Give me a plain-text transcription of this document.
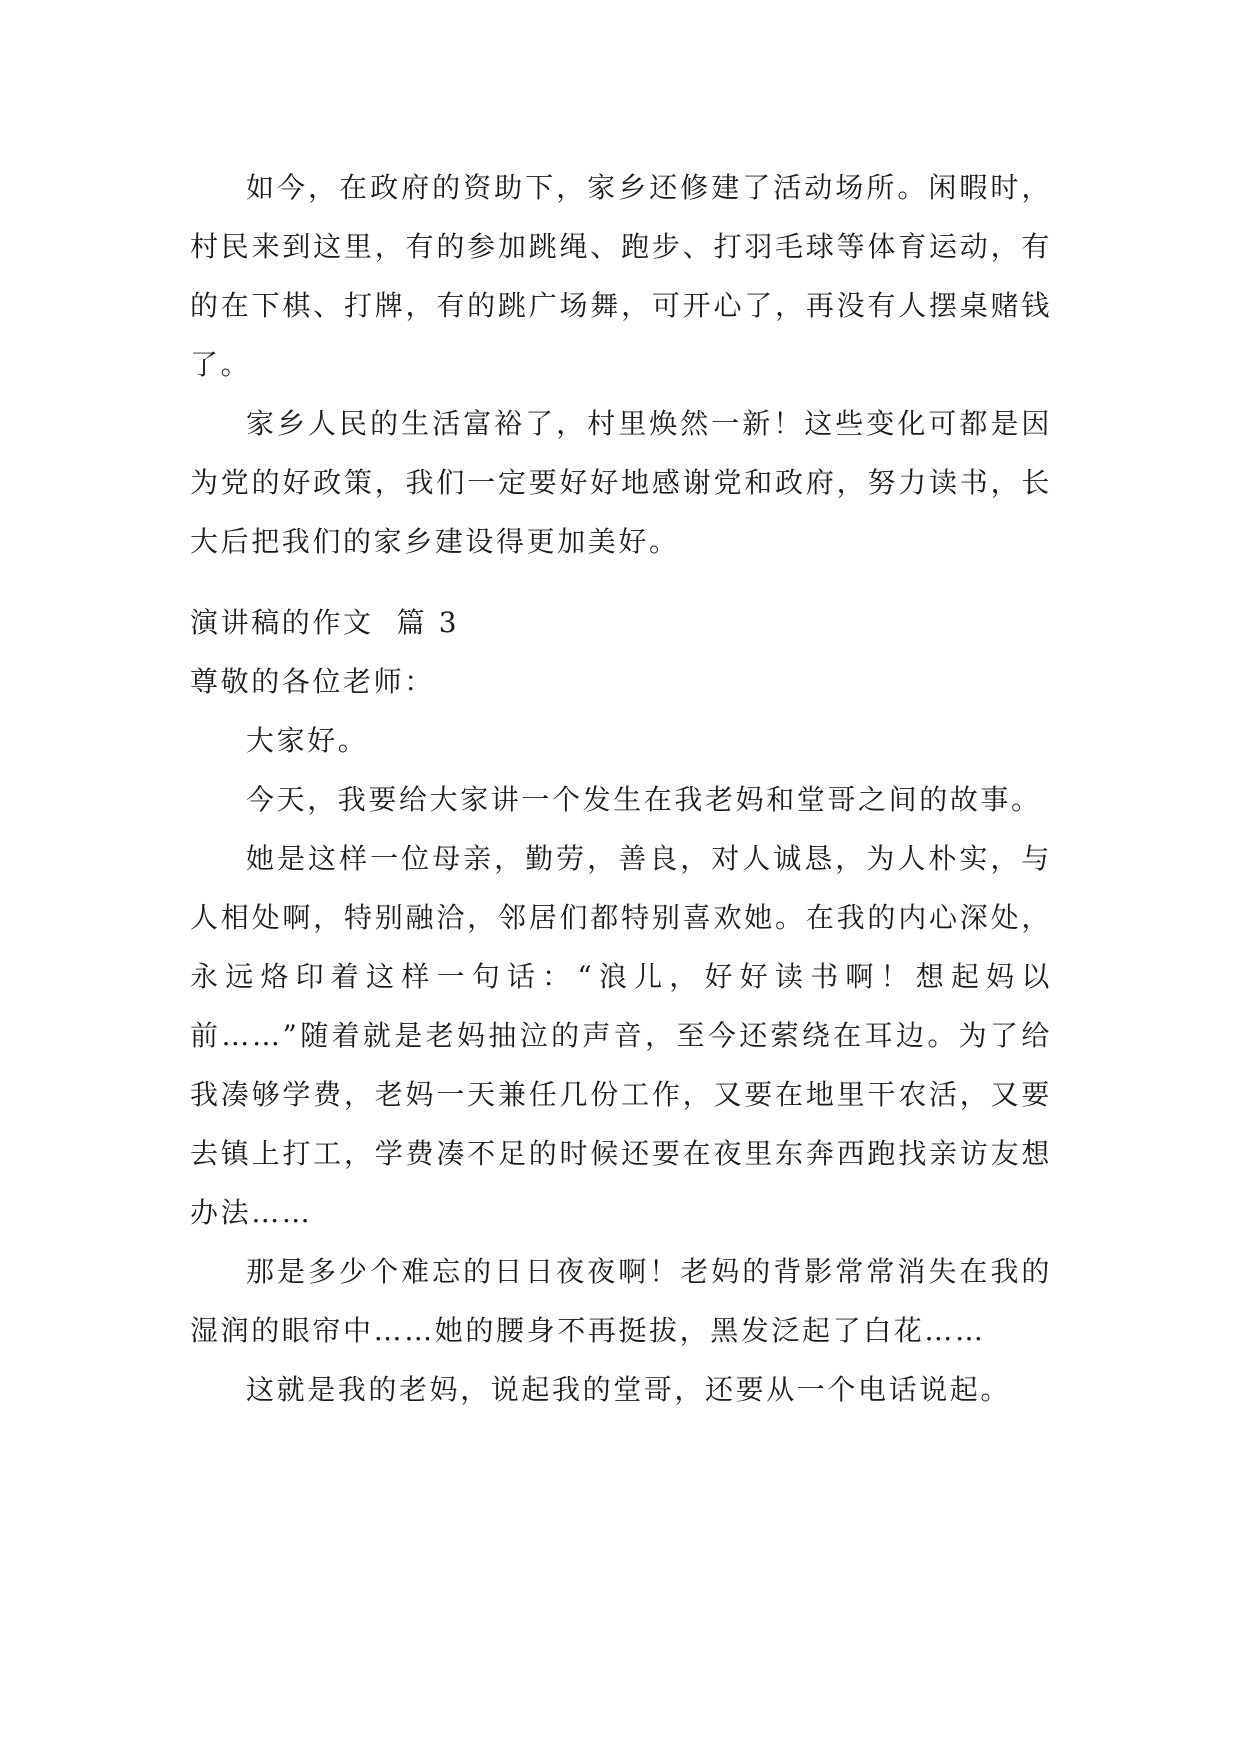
如今，在政府的资助下，家乡还修建了活动场所。闲暇时，村民来到这里，有的参加跳绳、跑步、打羽毛球等体育运动，有的在下棋、打牌，有的跳广场舞，可开心了，再没有人摆桌赌钱了。

家乡人民的生活富裕了，村里焕然一新！这些变化可都是因为党的好政策，我们一定要好好地感谢党和政府，努力读书，长大后把我们的家乡建设得更加美好。

演讲稿的作文  篇 3

尊敬的各位老师：

大家好。

今天，我要给大家讲一个发生在我老妈和堂哥之间的故事。

她是这样一位母亲，勤劳，善良，对人诚恳，为人朴实，与人相处啊，特别融洽，邻居们都特别喜欢她。在我的内心深处，永远烙印着这样一句话：“浪儿，好好读书啊！想起妈以前……”随着就是老妈抽泣的声音，至今还萦绕在耳边。为了给我凑够学费，老妈一天兼任几份工作，又要在地里干农活，又要去镇上打工，学费凑不足的时候还要在夜里东奔西跑找亲访友想办法……

那是多少个难忘的日日夜夜啊！老妈的背影常常消失在我的湿润的眼帘中……她的腰身不再挺拔，黑发泛起了白花……

这就是我的老妈，说起我的堂哥，还要从一个电话说起。
